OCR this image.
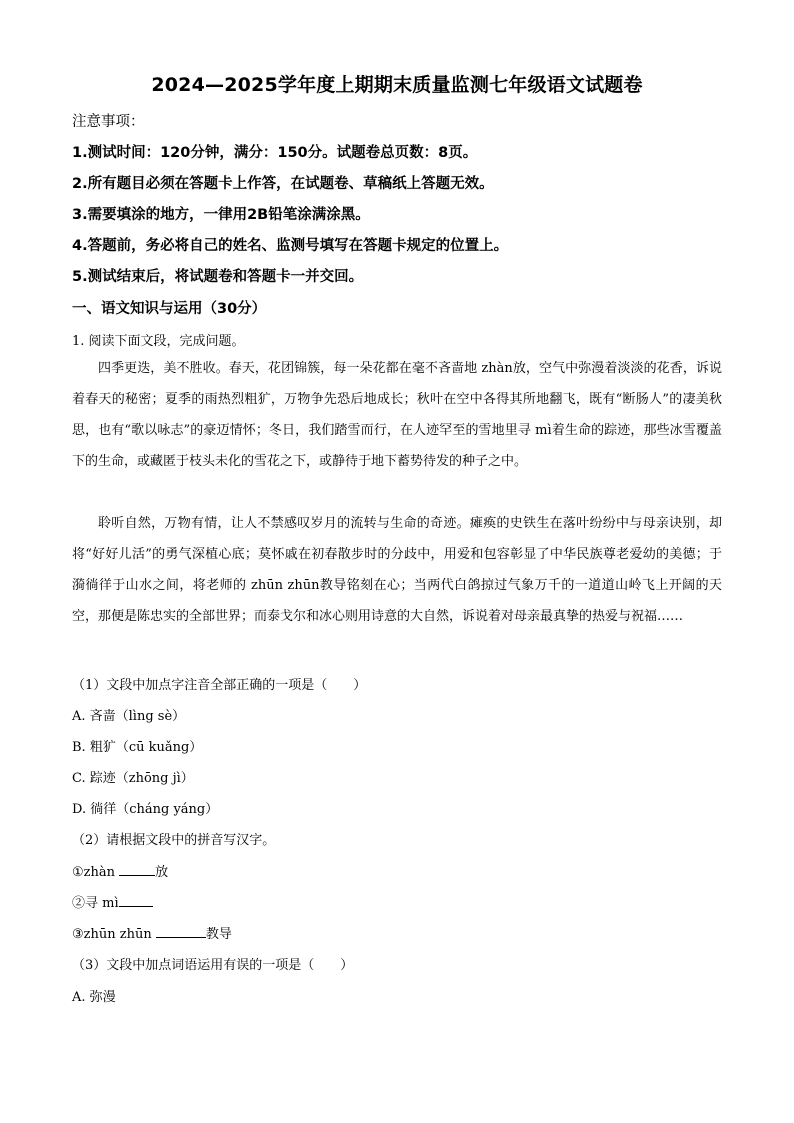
2024—2025学年度上期期末质量监测七年级语文试题卷
注意事项：
1.测试时间：120分钟，满分：150分。试题卷总页数：8页。
2.所有题目必须在答题卡上作答，在试题卷、草稿纸上答题无效。
3.需要填涂的地方，一律用2B铅笔涂满涂黑。
4.答题前，务必将自己的姓名、监测号填写在答题卡规定的位置上。
5.测试结束后，将试题卷和答题卡一并交回。
一、语文知识与运用（30分）
1. 阅读下面文段，完成问题。
四季更迭，美不胜收。春天，花团锦簇，每一朵花都在毫不吝啬地 zhàn放，空气中弥漫着淡淡的花香，诉说着春天的秘密；夏季的雨热烈粗犷，万物争先恐后地成长；秋叶在空中各得其所地翻飞，既有“断肠人”的凄美秋思，也有“歌以咏志”的豪迈情怀；冬日，我们踏雪而行，在人迹罕至的雪地里寻 mì着生命的踪迹，那些冰雪覆盖下的生命，或藏匿于枝头未化的雪花之下，或静待于地下蓄势待发的种子之中。
聆听自然，万物有情，让人不禁感叹岁月的流转与生命的奇迹。瘫痪的史铁生在落叶纷纷中与母亲诀别，却将“好好儿活”的勇气深植心底；莫怀戚在初春散步时的分歧中，用爱和包容彰显了中华民族尊老爱幼的美德；于漪徜徉于山水之间，将老师的 zhūn zhūn教导铭刻在心；当两代白鸽掠过气象万千的一道道山岭飞上开阔的天空，那便是陈忠实的全部世界；而泰戈尔和冰心则用诗意的大自然，诉说着对母亲最真挚的热爱与祝福……
（1）文段中加点字注音全部正确的一项是（　　）
A. 吝啬（lìng sè）
B. 粗犷（cū kuǎng）
C. 踪迹（zhōng jì）
D. 徜徉（cháng yáng）
（2）请根据文段中的拼音写汉字。
①zhàn	放
②寻 mì
③zhūn zhūn	教导
（3）文段中加点词语运用有误的一项是（　　）
A. 弥漫
